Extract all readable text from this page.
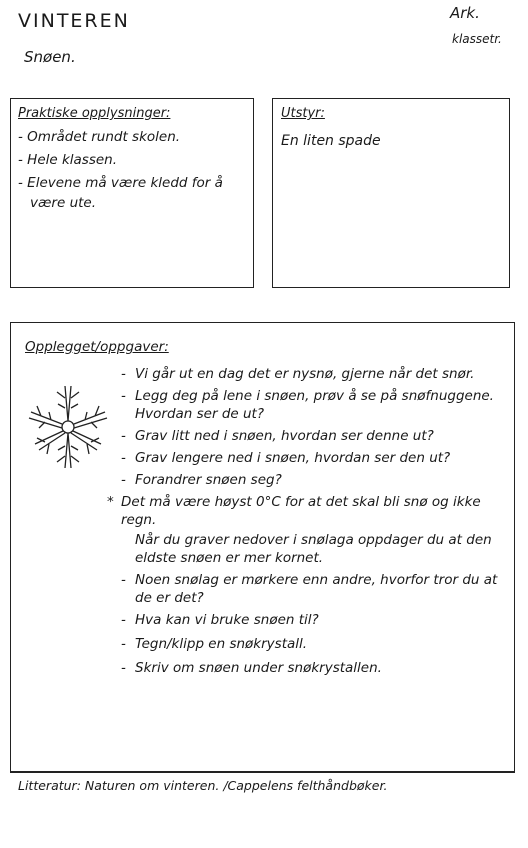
VINTEREN
Snøen.
Ark.
klassetr.
Praktiske opplysninger:
- Området rundt skolen.
- Hele klassen.
- Elevene må være kledd for å være ute.
Utstyr:
En liten spade
Opplegget/oppgaver:
- Vi går ut en dag det er nysnø, gjerne når det snør.
- Legg deg på lene i snøen, prøv å se på snøfnuggene. Hvordan ser de ut?
- Grav litt ned i snøen, hvordan ser denne ut?
- Grav lengere ned i snøen, hvordan ser den ut?
- Forandrer snøen seg?
* Det må være høyst 0°C for at det skal bli snø og ikke regn.
Når du graver nedover i snølaga oppdager du at den eldste snøen er mer kornet.
- Noen snølag er mørkere enn andre, hvorfor tror du at de er det?
- Hva kan vi bruke snøen til?
- Tegn/klipp en snøkrystall.
- Skriv om snøen under snøkrystallen.
Litteratur: Naturen om vinteren. /Cappelens felthåndbøker.
